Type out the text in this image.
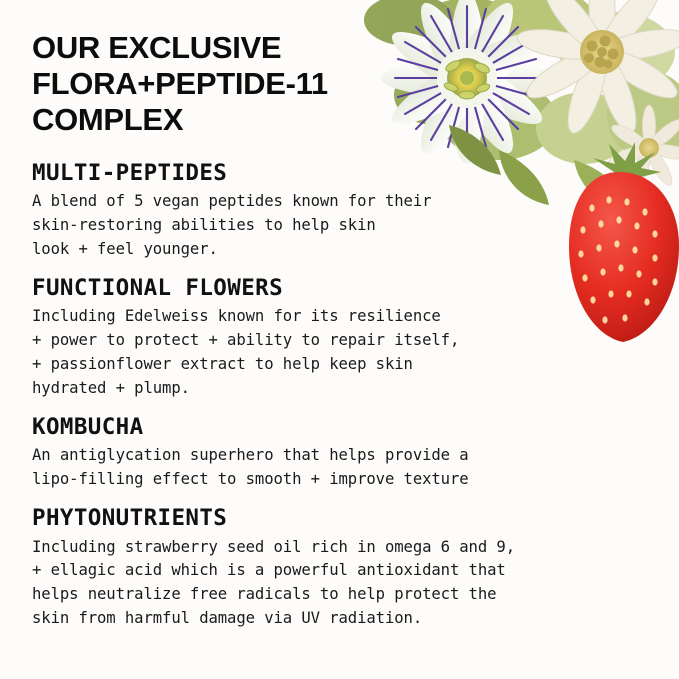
OUR EXCLUSIVE
FLORA+PEPTIDE-11
COMPLEX
MULTI-PEPTIDES

A blend of 5 vegan peptides known for their
skin-restoring abilities to help skin
look + feel younger.

FUNCTIONAL FLOWERS

Including Edelweiss known for its resilience
+ power to protect + ability to repair itself,
+ passionflower extract to help keep skin
hydrated + plump.

KOMBUCHA

An antiglycation superhero that helps provide a
lipo-filling effect to smooth + improve texture

PHYTONUTRIENTS

Including strawberry seed oil rich in omega 6 and 9,
+ ellagic acid which is a powerful antioxidant that
helps neutralize free radicals to help protect the
skin from harmful damage via UV radiation.
